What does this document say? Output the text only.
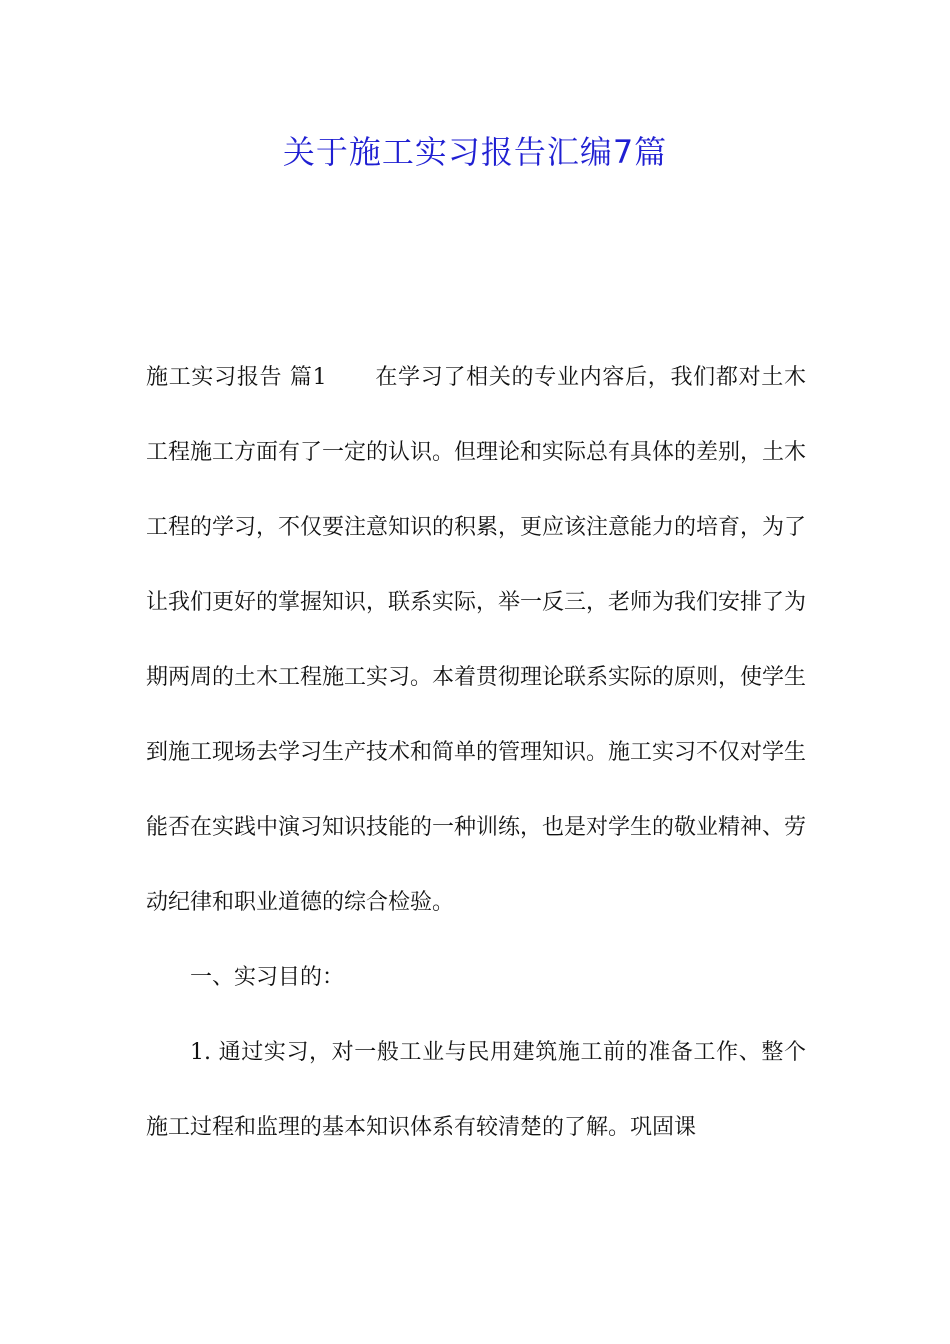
关于施工实习报告汇编7篇

施工实习报告 篇1 在学习了相关的专业内容后，我们都对土木工程施工方面有了一定的认识。但理论和实际总有具体的差别，土木工程的学习，不仅要注意知识的积累，更应该注意能力的培育，为了让我们更好的掌握知识，联系实际，举一反三，老师为我们安排了为期两周的土木工程施工实习。本着贯彻理论联系实际的原则，使学生到施工现场去学习生产技术和简单的管理知识。施工实习不仅对学生能否在实践中演习知识技能的一种训练，也是对学生的敬业精神、劳动纪律和职业道德的综合检验。

一、实习目的：

1. 通过实习，对一般工业与民用建筑施工前的准备工作、整个施工过程和监理的基本知识体系有较清楚的了解。巩固课
